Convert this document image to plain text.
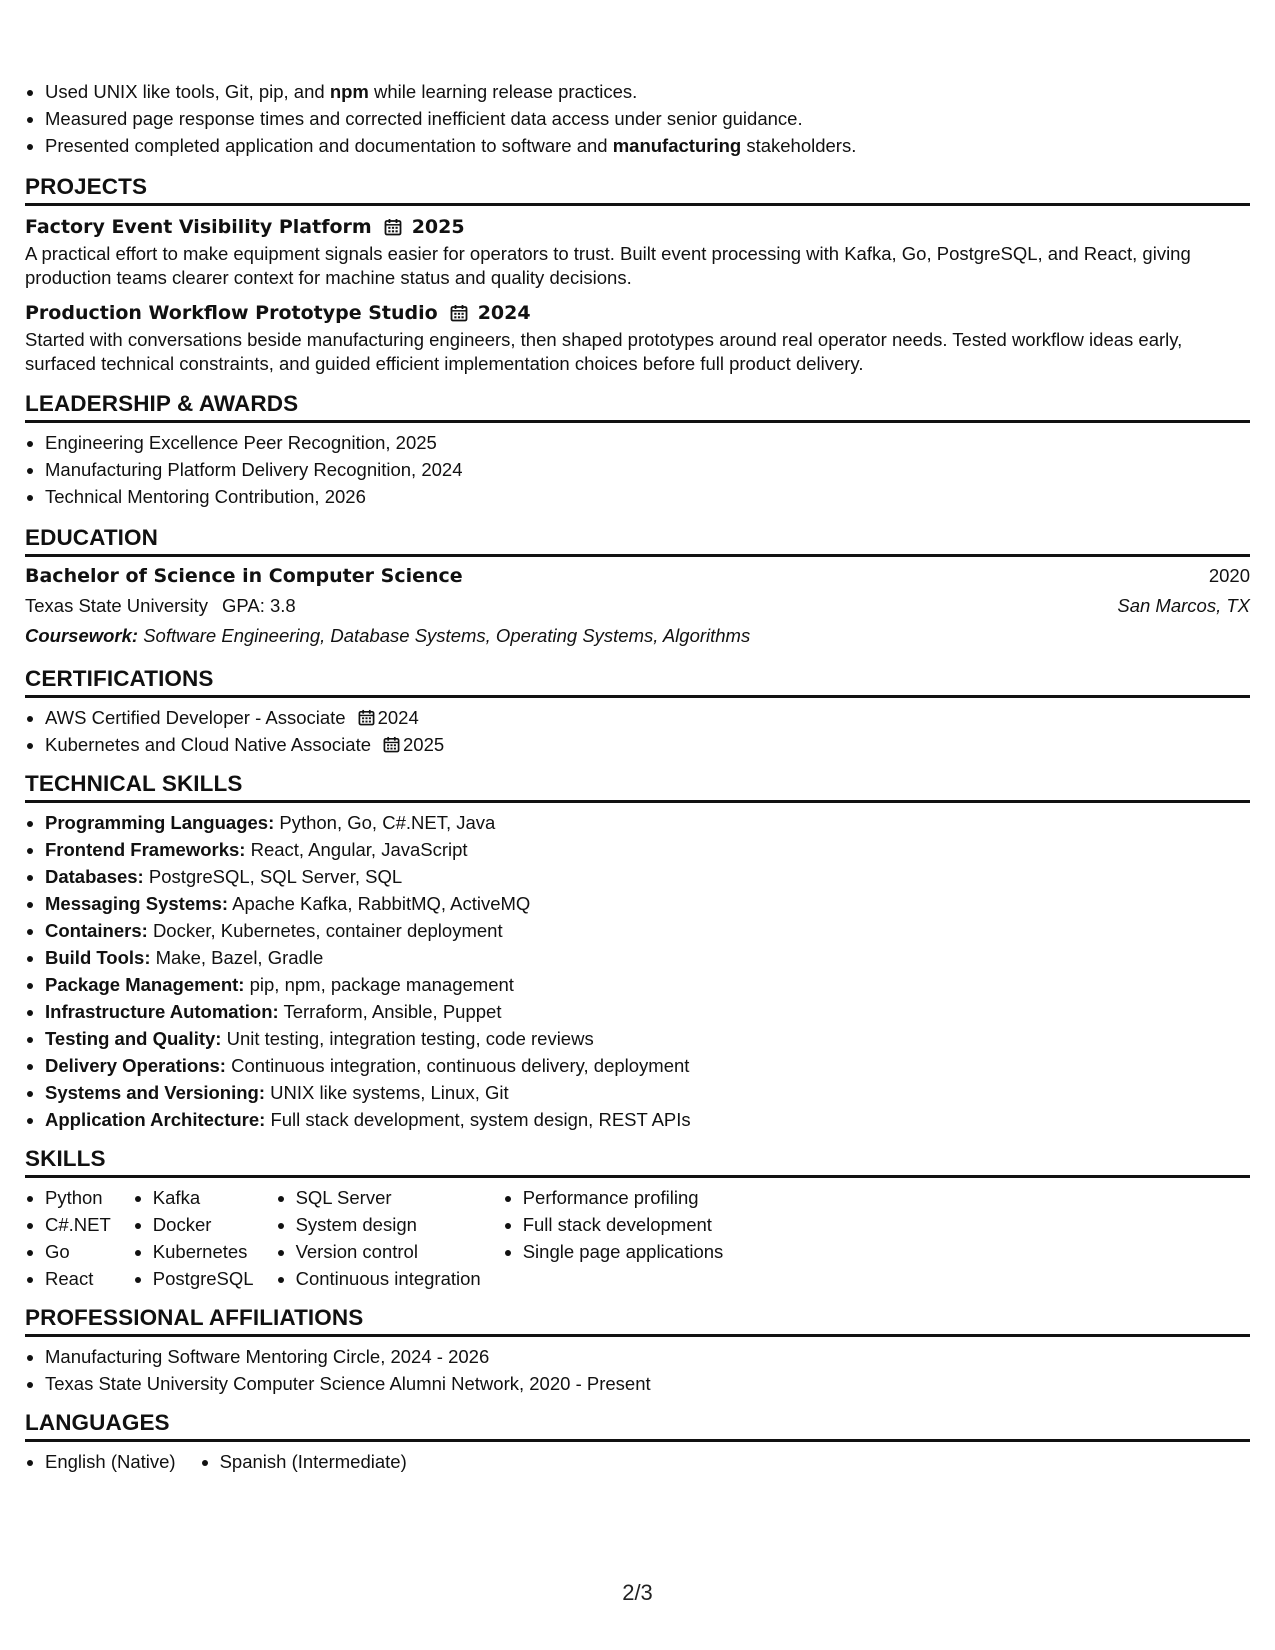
• Used UNIX like tools, Git, pip, and npm while learning release practices.
• Measured page response times and corrected inefficient data access under senior guidance.
• Presented completed application and documentation to software and manufacturing stakeholders.
PROJECTS
Factory Event Visibility Platform 2025
A practical effort to make equipment signals easier for operators to trust. Built event processing with Kafka, Go, PostgreSQL, and React, giving production teams clearer context for machine status and quality decisions.
Production Workflow Prototype Studio 2024
Started with conversations beside manufacturing engineers, then shaped prototypes around real operator needs. Tested workflow ideas early, surfaced technical constraints, and guided efficient implementation choices before full product delivery.
LEADERSHIP & AWARDS
• Engineering Excellence Peer Recognition, 2025
• Manufacturing Platform Delivery Recognition, 2024
• Technical Mentoring Contribution, 2026
EDUCATION
Bachelor of Science in Computer Science	2020
Texas State University GPA: 3.8	San Marcos, TX
Coursework: Software Engineering, Database Systems, Operating Systems, Algorithms
CERTIFICATIONS
• AWS Certified Developer - Associate 2024
• Kubernetes and Cloud Native Associate 2025
TECHNICAL SKILLS
• Programming Languages: Python, Go, C#.NET, Java
• Frontend Frameworks: React, Angular, JavaScript
• Databases: PostgreSQL, SQL Server, SQL
• Messaging Systems: Apache Kafka, RabbitMQ, ActiveMQ
• Containers: Docker, Kubernetes, container deployment
• Build Tools: Make, Bazel, Gradle
• Package Management: pip, npm, package management
• Infrastructure Automation: Terraform, Ansible, Puppet
• Testing and Quality: Unit testing, integration testing, code reviews
• Delivery Operations: Continuous integration, continuous delivery, deployment
• Systems and Versioning: UNIX like systems, Linux, Git
• Application Architecture: Full stack development, system design, REST APIs
SKILLS
• Python
• C#.NET
• Go
• React
• Kafka
• Docker
• Kubernetes
• PostgreSQL
• SQL Server
• System design
• Version control
• Continuous integration
• Performance profiling
• Full stack development
• Single page applications
PROFESSIONAL AFFILIATIONS
• Manufacturing Software Mentoring Circle, 2024 - 2026
• Texas State University Computer Science Alumni Network, 2020 - Present
LANGUAGES
• English (Native)
• Spanish (Intermediate)
2/3
